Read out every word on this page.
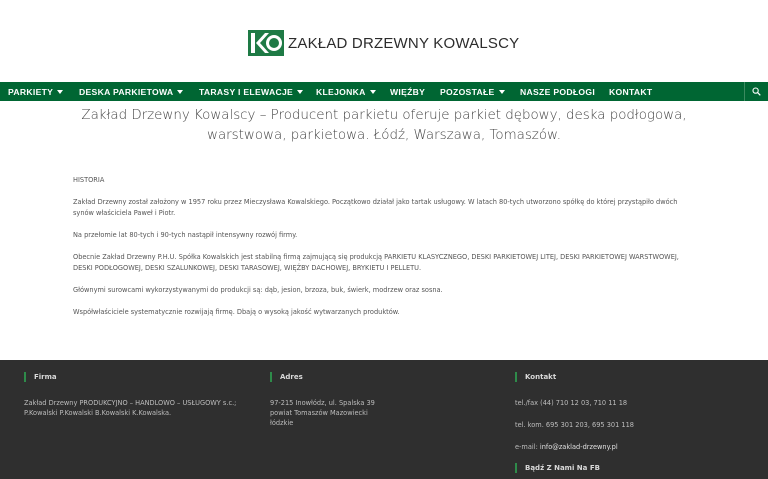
ZAKŁAD DRZEWNY KOWALSCY
PARKIETY	DESKA PARKIETOWA	TARASY I ELEWACJE	KLEJONKA	WIĘŹBY POZOSTAŁE	NASZE PODŁOGI KONTAKT
Zakład Drzewny Kowalscy – Producent parkietu oferuje parkiet dębowy, deska podłogowa, warstwowa, parkietowa. Łódź, Warszawa, Tomaszów.

HISTORIA

Zakład Drzewny został założony w 1957 roku przez Mieczysława Kowalskiego. Początkowo działał jako tartak usługowy. W latach 80-tych utworzono spółkę do której przystąpiło dwóch synów właściciela Paweł i Piotr.

Na przełomie lat 80-tych i 90-tych nastąpił intensywny rozwój firmy.

Obecnie Zakład Drzewny P.H.U. Spółka Kowalskich jest stabilną firmą zajmującą się produkcją PARKIETU KLASYCZNEGO, DESKI PARKIETOWEJ LITEJ, DESKI PARKIETOWEJ WARSTWOWEJ, DESKI PODŁOGOWEJ, DESKI SZALUNKOWEJ, DESKI TARASOWEJ, WIĘŹBY DACHOWEJ, BRYKIETU I PELLETU.

Głównymi surowcami wykorzystywanymi do produkcji są: dąb, jesion, brzoza, buk, świerk, modrzew oraz sosna.

Współwłaściciele systematycznie rozwijają firmę. Dbają o wysoką jakość wytwarzanych produktów.

Firma
Zakład Drzewny PRODUKCYJNO – HANDLOWO – USŁUGOWY s.c.; P.Kowalski P.Kowalski B.Kowalski K.Kowalska.
Adres
97-215 Inowłódz, ul. Spalska 39
powiat Tomaszów Mazowiecki
łódzkie
Kontakt
tel./fax (44) 710 12 03, 710 11 18
tel. kom. 695 301 203, 695 301 118
e-mail: info@zaklad-drzewny.pl
Bądź Z Nami Na FB
